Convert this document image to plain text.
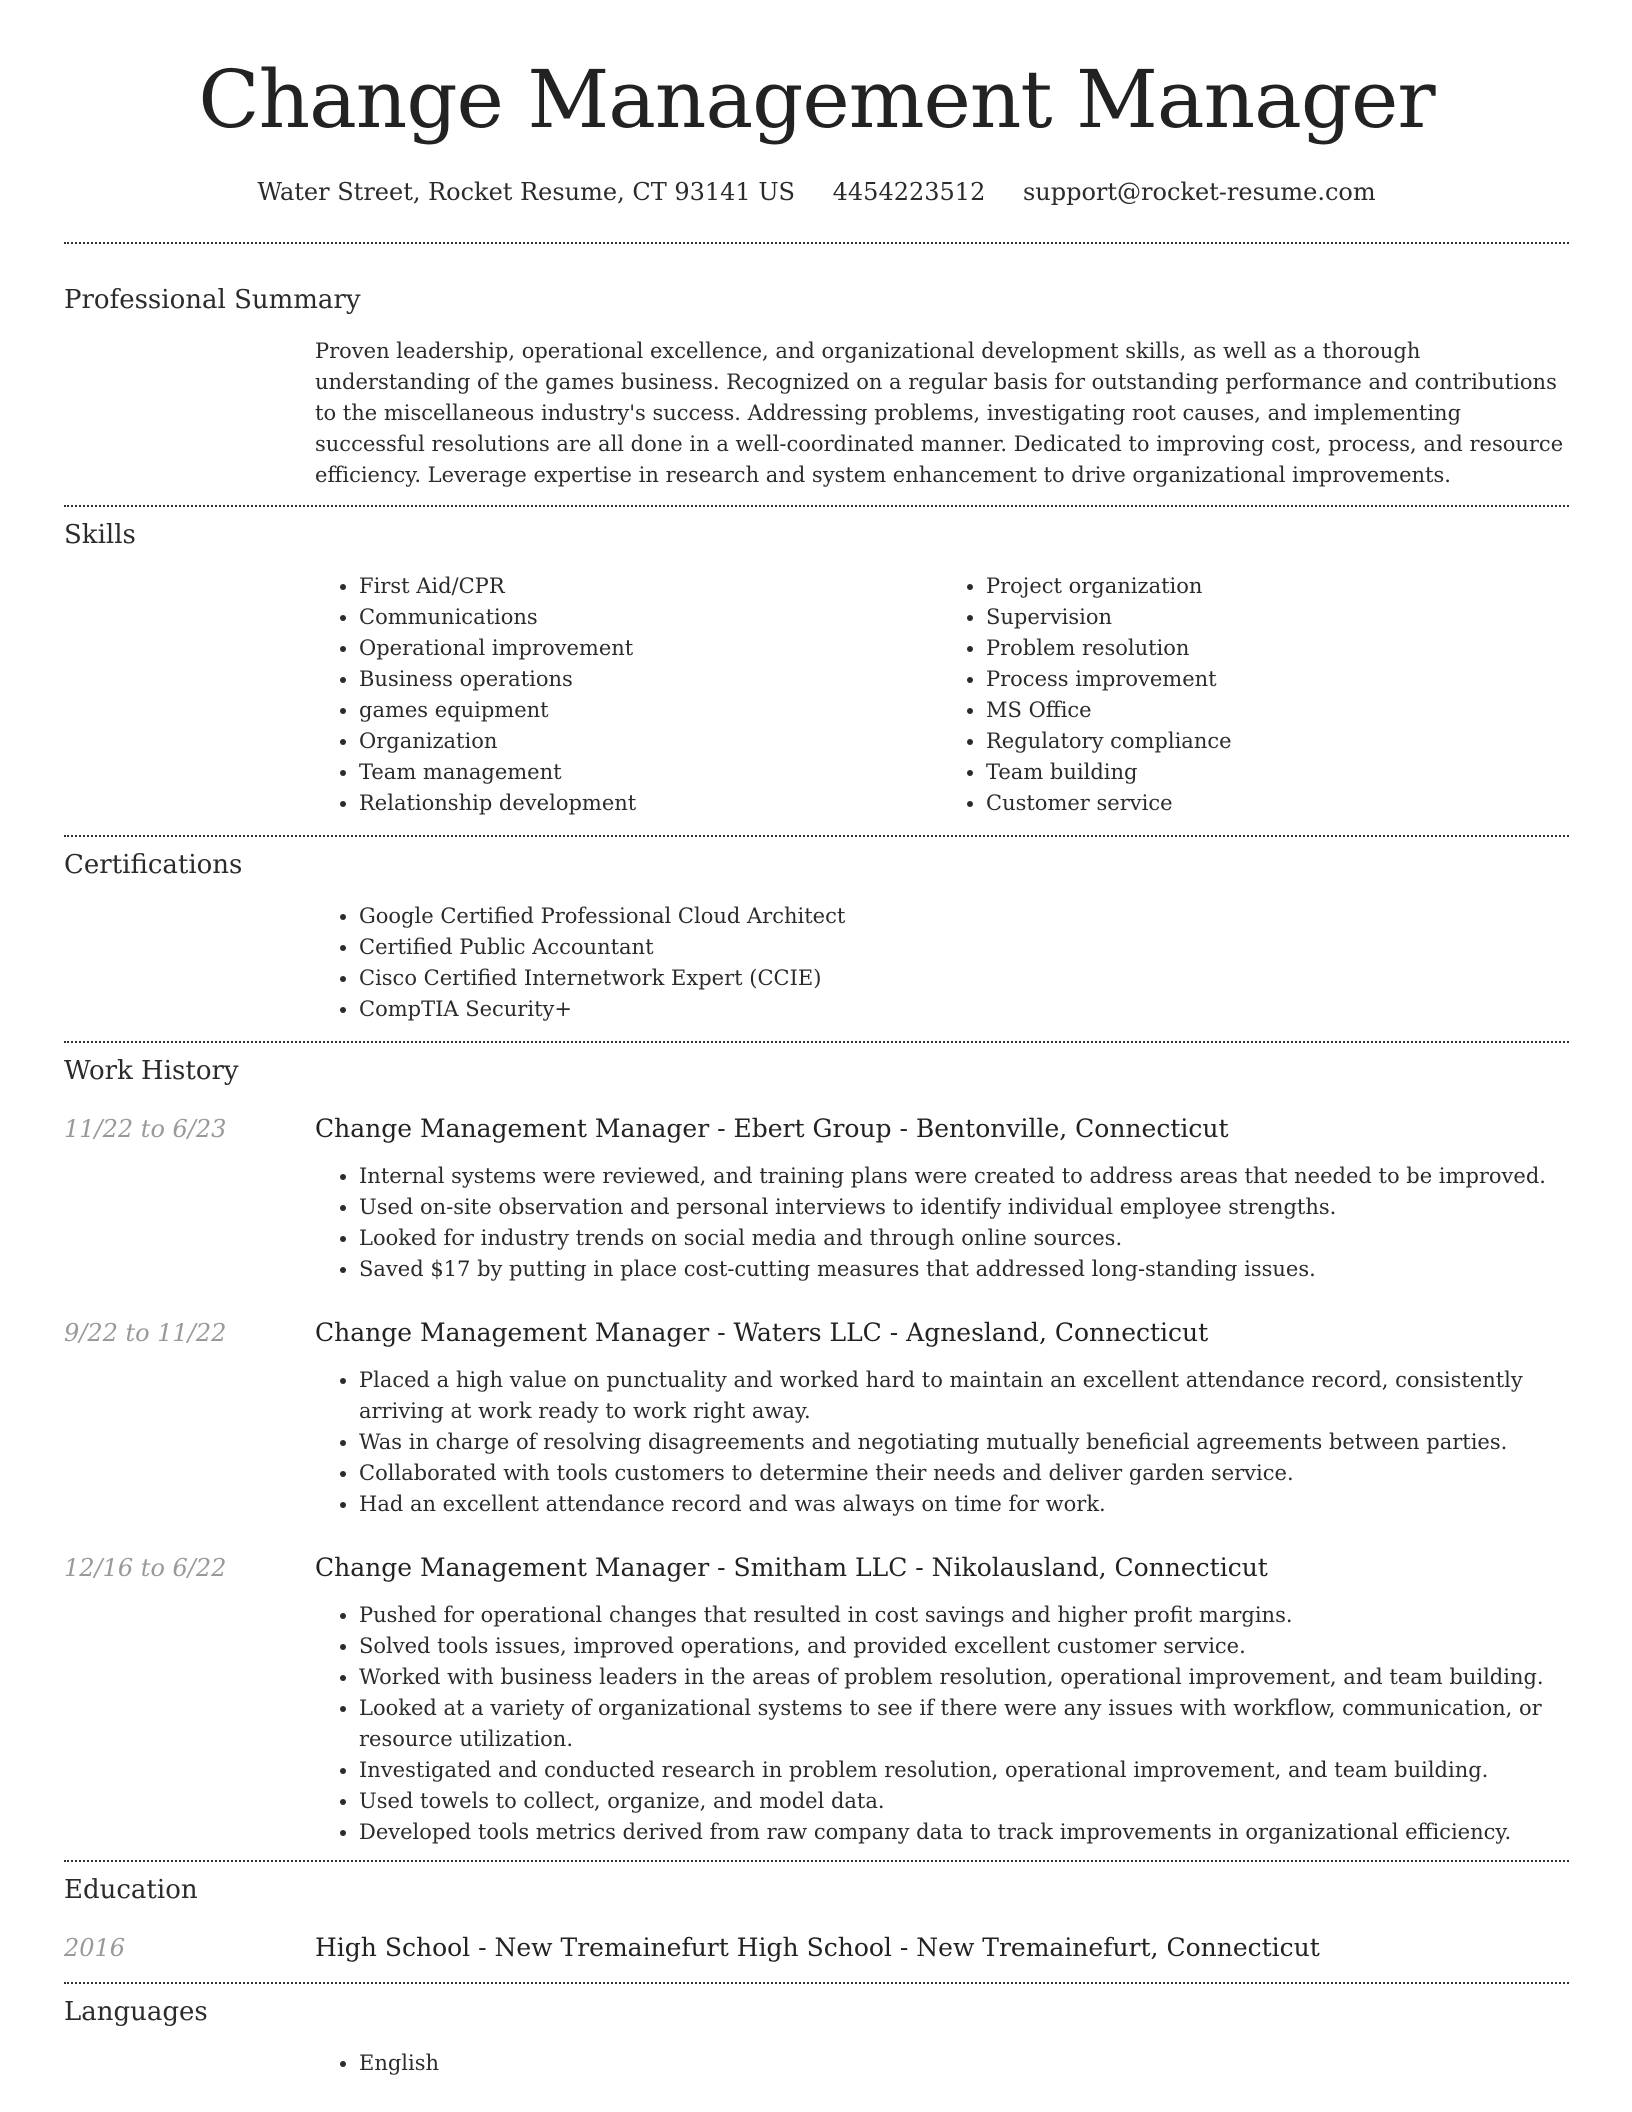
Change Management Manager
Water Street, Rocket Resume, CT 93141 US 4454223512 support@rocket-resume.com
Professional Summary

Proven leadership, operational excellence, and organizational development skills, as well as a thorough understanding of the games business. Recognized on a regular basis for outstanding performance and contributions to the miscellaneous industry's success. Addressing problems, investigating root causes, and implementing successful resolutions are all done in a well-coordinated manner. Dedicated to improving cost, process, and resource efficiency. Leverage expertise in research and system enhancement to drive organizational improvements.

Skills
• First Aid/CPR
• Communications
• Operational improvement
• Business operations
• games equipment
• Organization
• Team management
• Relationship development
• Project organization
• Supervision
• Problem resolution
• Process improvement
• MS Office
• Regulatory compliance
• Team building
• Customer service
Certifications
• Google Certified Professional Cloud Architect
• Certified Public Accountant
• Cisco Certified Internetwork Expert (CCIE)
• CompTIA Security+
Work History
11/22 to 6/23	Change Management Manager - Ebert Group - Bentonville, Connecticut
• Internal systems were reviewed, and training plans were created to address areas that needed to be improved.
• Used on-site observation and personal interviews to identify individual employee strengths.
• Looked for industry trends on social media and through online sources.
• Saved $17 by putting in place cost-cutting measures that addressed long-standing issues.
9/22 to 11/22	Change Management Manager - Waters LLC - Agnesland, Connecticut
• Placed a high value on punctuality and worked hard to maintain an excellent attendance record, consistently arriving at work ready to work right away.
• Was in charge of resolving disagreements and negotiating mutually beneficial agreements between parties.
• Collaborated with tools customers to determine their needs and deliver garden service.
• Had an excellent attendance record and was always on time for work.
12/16 to 6/22	Change Management Manager - Smitham LLC - Nikolausland, Connecticut
• Pushed for operational changes that resulted in cost savings and higher profit margins.
• Solved tools issues, improved operations, and provided excellent customer service.
• Worked with business leaders in the areas of problem resolution, operational improvement, and team building.
• Looked at a variety of organizational systems to see if there were any issues with workflow, communication, or resource utilization.
• Investigated and conducted research in problem resolution, operational improvement, and team building.
• Used towels to collect, organize, and model data.
• Developed tools metrics derived from raw company data to track improvements in organizational efficiency.
Education
2016	High School - New Tremainefurt High School - New Tremainefurt, Connecticut
Languages
• English
